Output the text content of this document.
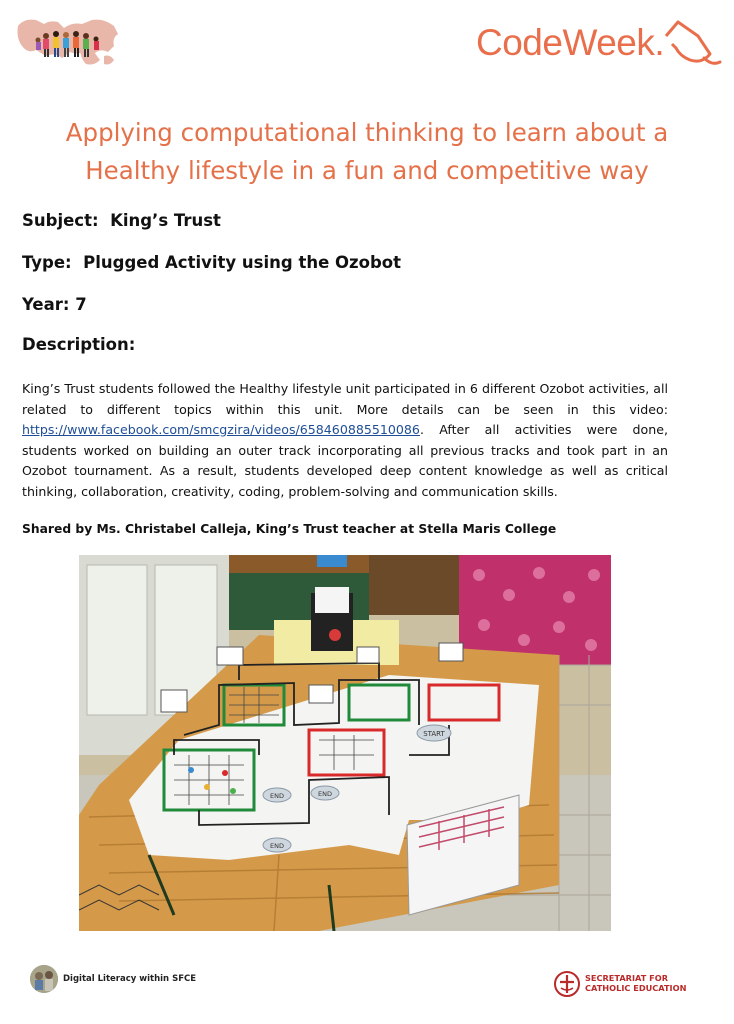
CodeWeek.
Applying computational thinking to learn about a
Healthy lifestyle in a fun and competitive way
Subject: King’s Trust
Type: Plugged Activity using the Ozobot
Year: 7
Description:
King’s Trust students followed the Healthy lifestyle unit participated in 6 different Ozobot activities, all related to different topics within this unit. More details can be seen in this video: https://www.facebook.com/smcgzira/videos/658460885510086. After all activities were done, students worked on building an outer track incorporating all previous tracks and took part in an Ozobot tournament. As a result, students developed deep content knowledge as well as critical thinking, collaboration, creativity, coding, problem-solving and communication skills.
Shared by Ms. Christabel Calleja, King’s Trust teacher at Stella Maris College
START
END	END
END
Digital Literacy within SFCE	SECRETARIAT FOR
CATHOLIC EDUCATION
